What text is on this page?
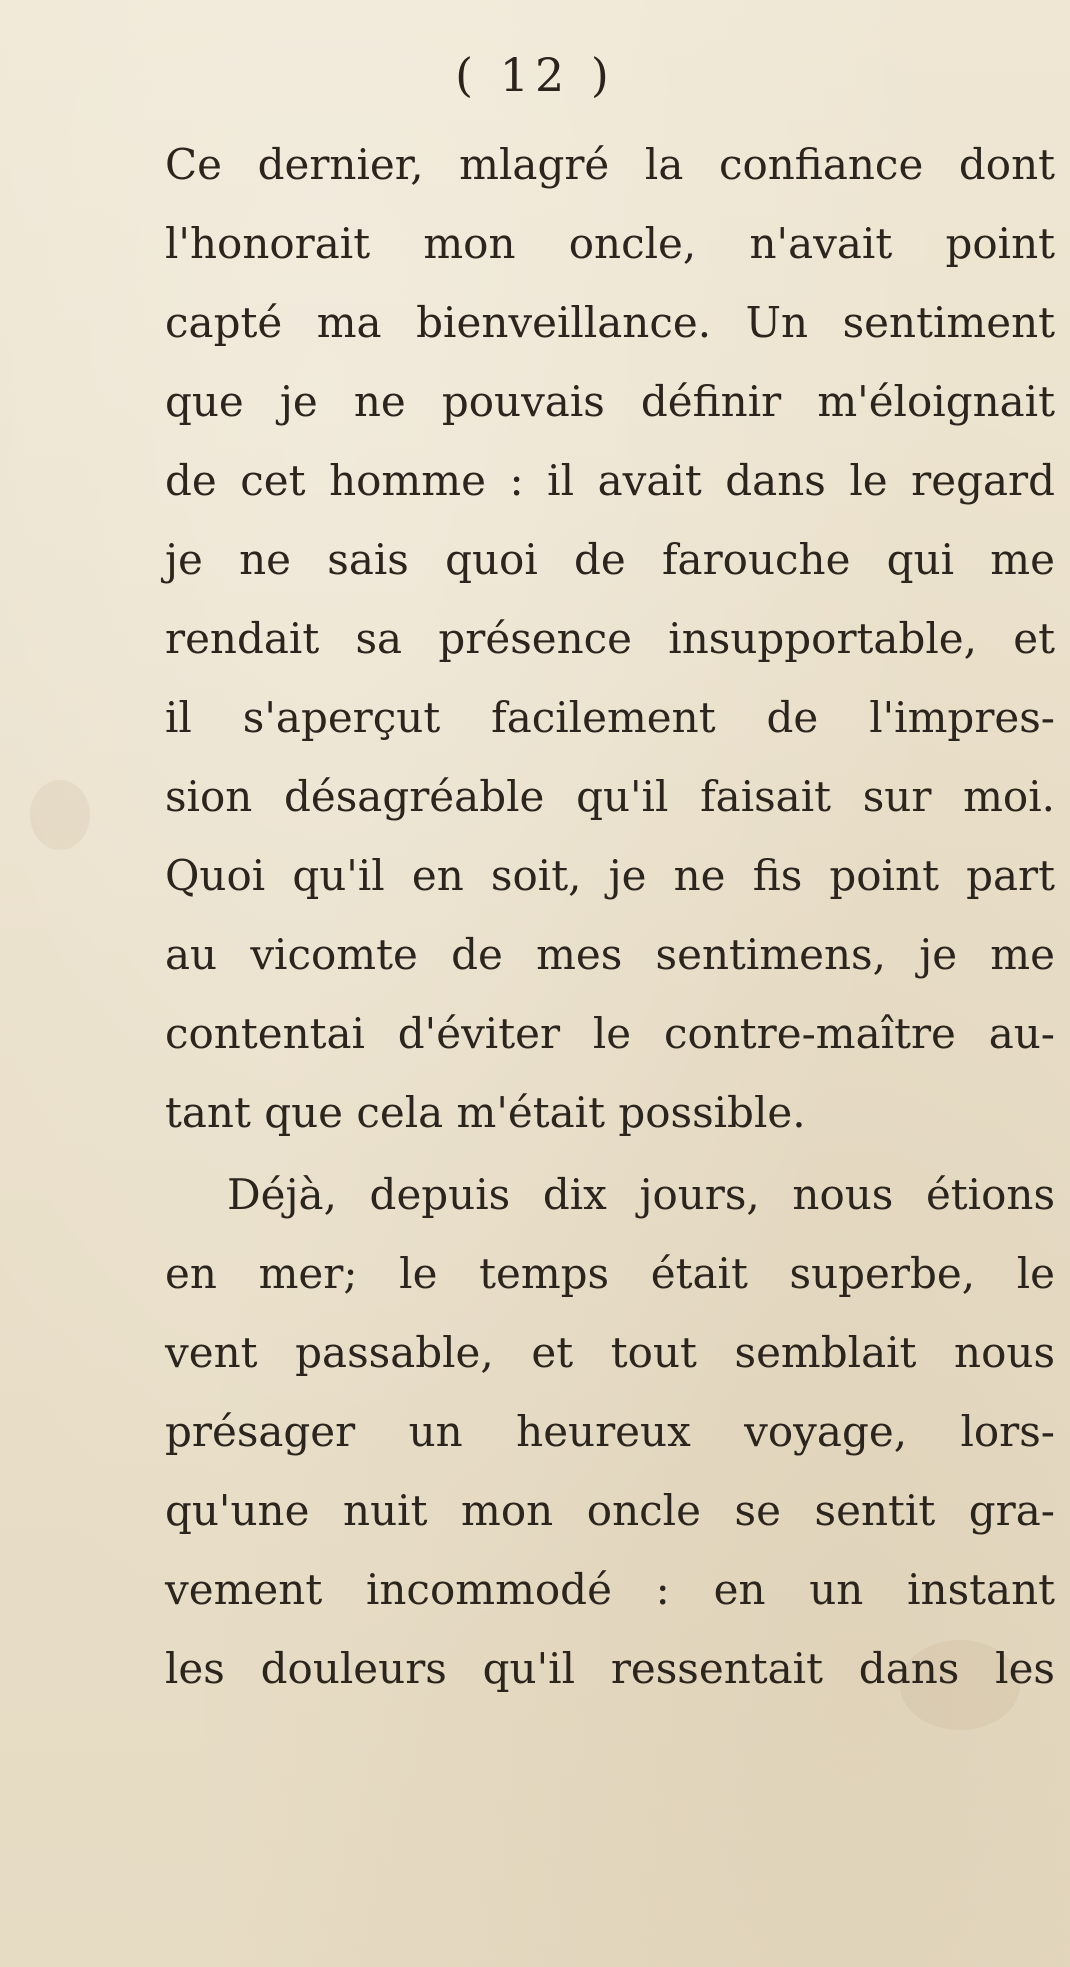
( 12 )
Ce dernier, mlagré la confiance dont
l'honorait mon oncle, n'avait point
capté ma bienveillance. Un sentiment
que je ne pouvais définir m'éloignait
de cet homme : il avait dans le regard
je ne sais quoi de farouche qui me
rendait sa présence insupportable, et
il s'aperçut facilement de l'impres-
sion désagréable qu'il faisait sur moi.
Quoi qu'il en soit, je ne fis point part
au vicomte de mes sentimens, je me
contentai d'éviter le contre-maître au-
tant que cela m'était possible.
Déjà, depuis dix jours, nous étions
en mer; le temps était superbe, le
vent passable, et tout semblait nous
présager un heureux voyage, lors-
qu'une nuit mon oncle se sentit gra-
vement incommodé : en un instant
les douleurs qu'il ressentait dans les
